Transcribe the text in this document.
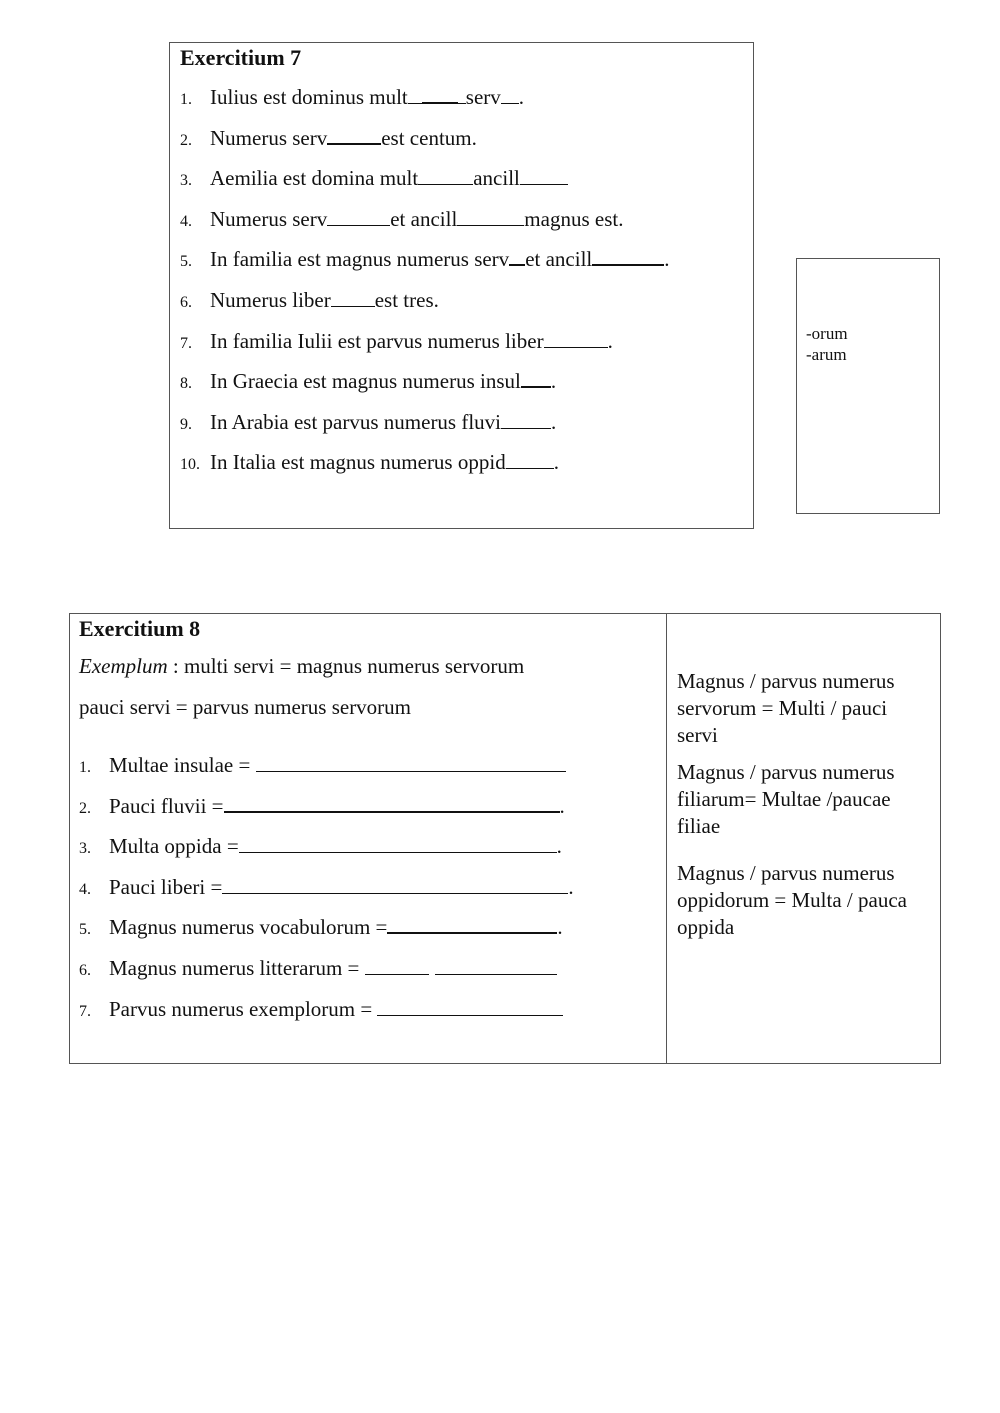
Exercitium 7
1. Iulius est dominus mult	serv .
2. Numerus serv	est centum.
3. Aemilia est domina mult	ancill
4. Numerus serv	et ancill	magnus est.
5. In familia est magnus numerus serv et ancill	.
6. Numerus liber est tres.
7. In familia Iulii est parvus numerus liber	.
8. In Graecia est magnus numerus insul .
9. In Arabia est parvus numerus fluvi .
10. In Italia est magnus numerus oppid .
-orum
-arum
Exercitium 8
Exemplum : multi servi = magnus numerus servorum
pauci servi = parvus numerus servorum
1. Multae insulae =
2. Pauci fluvii =	.
3. Multa oppida =	.
4. Pauci liberi =	.
5. Magnus numerus vocabulorum =	.
6. Magnus numerus litterarum =
7. Parvus numerus exemplorum =

Magnus / parvus numerus servorum = Multi / pauci servi

Magnus / parvus numerus filiarum= Multae /paucae filiae

Magnus / parvus numerus oppidorum = Multa / pauca oppida
